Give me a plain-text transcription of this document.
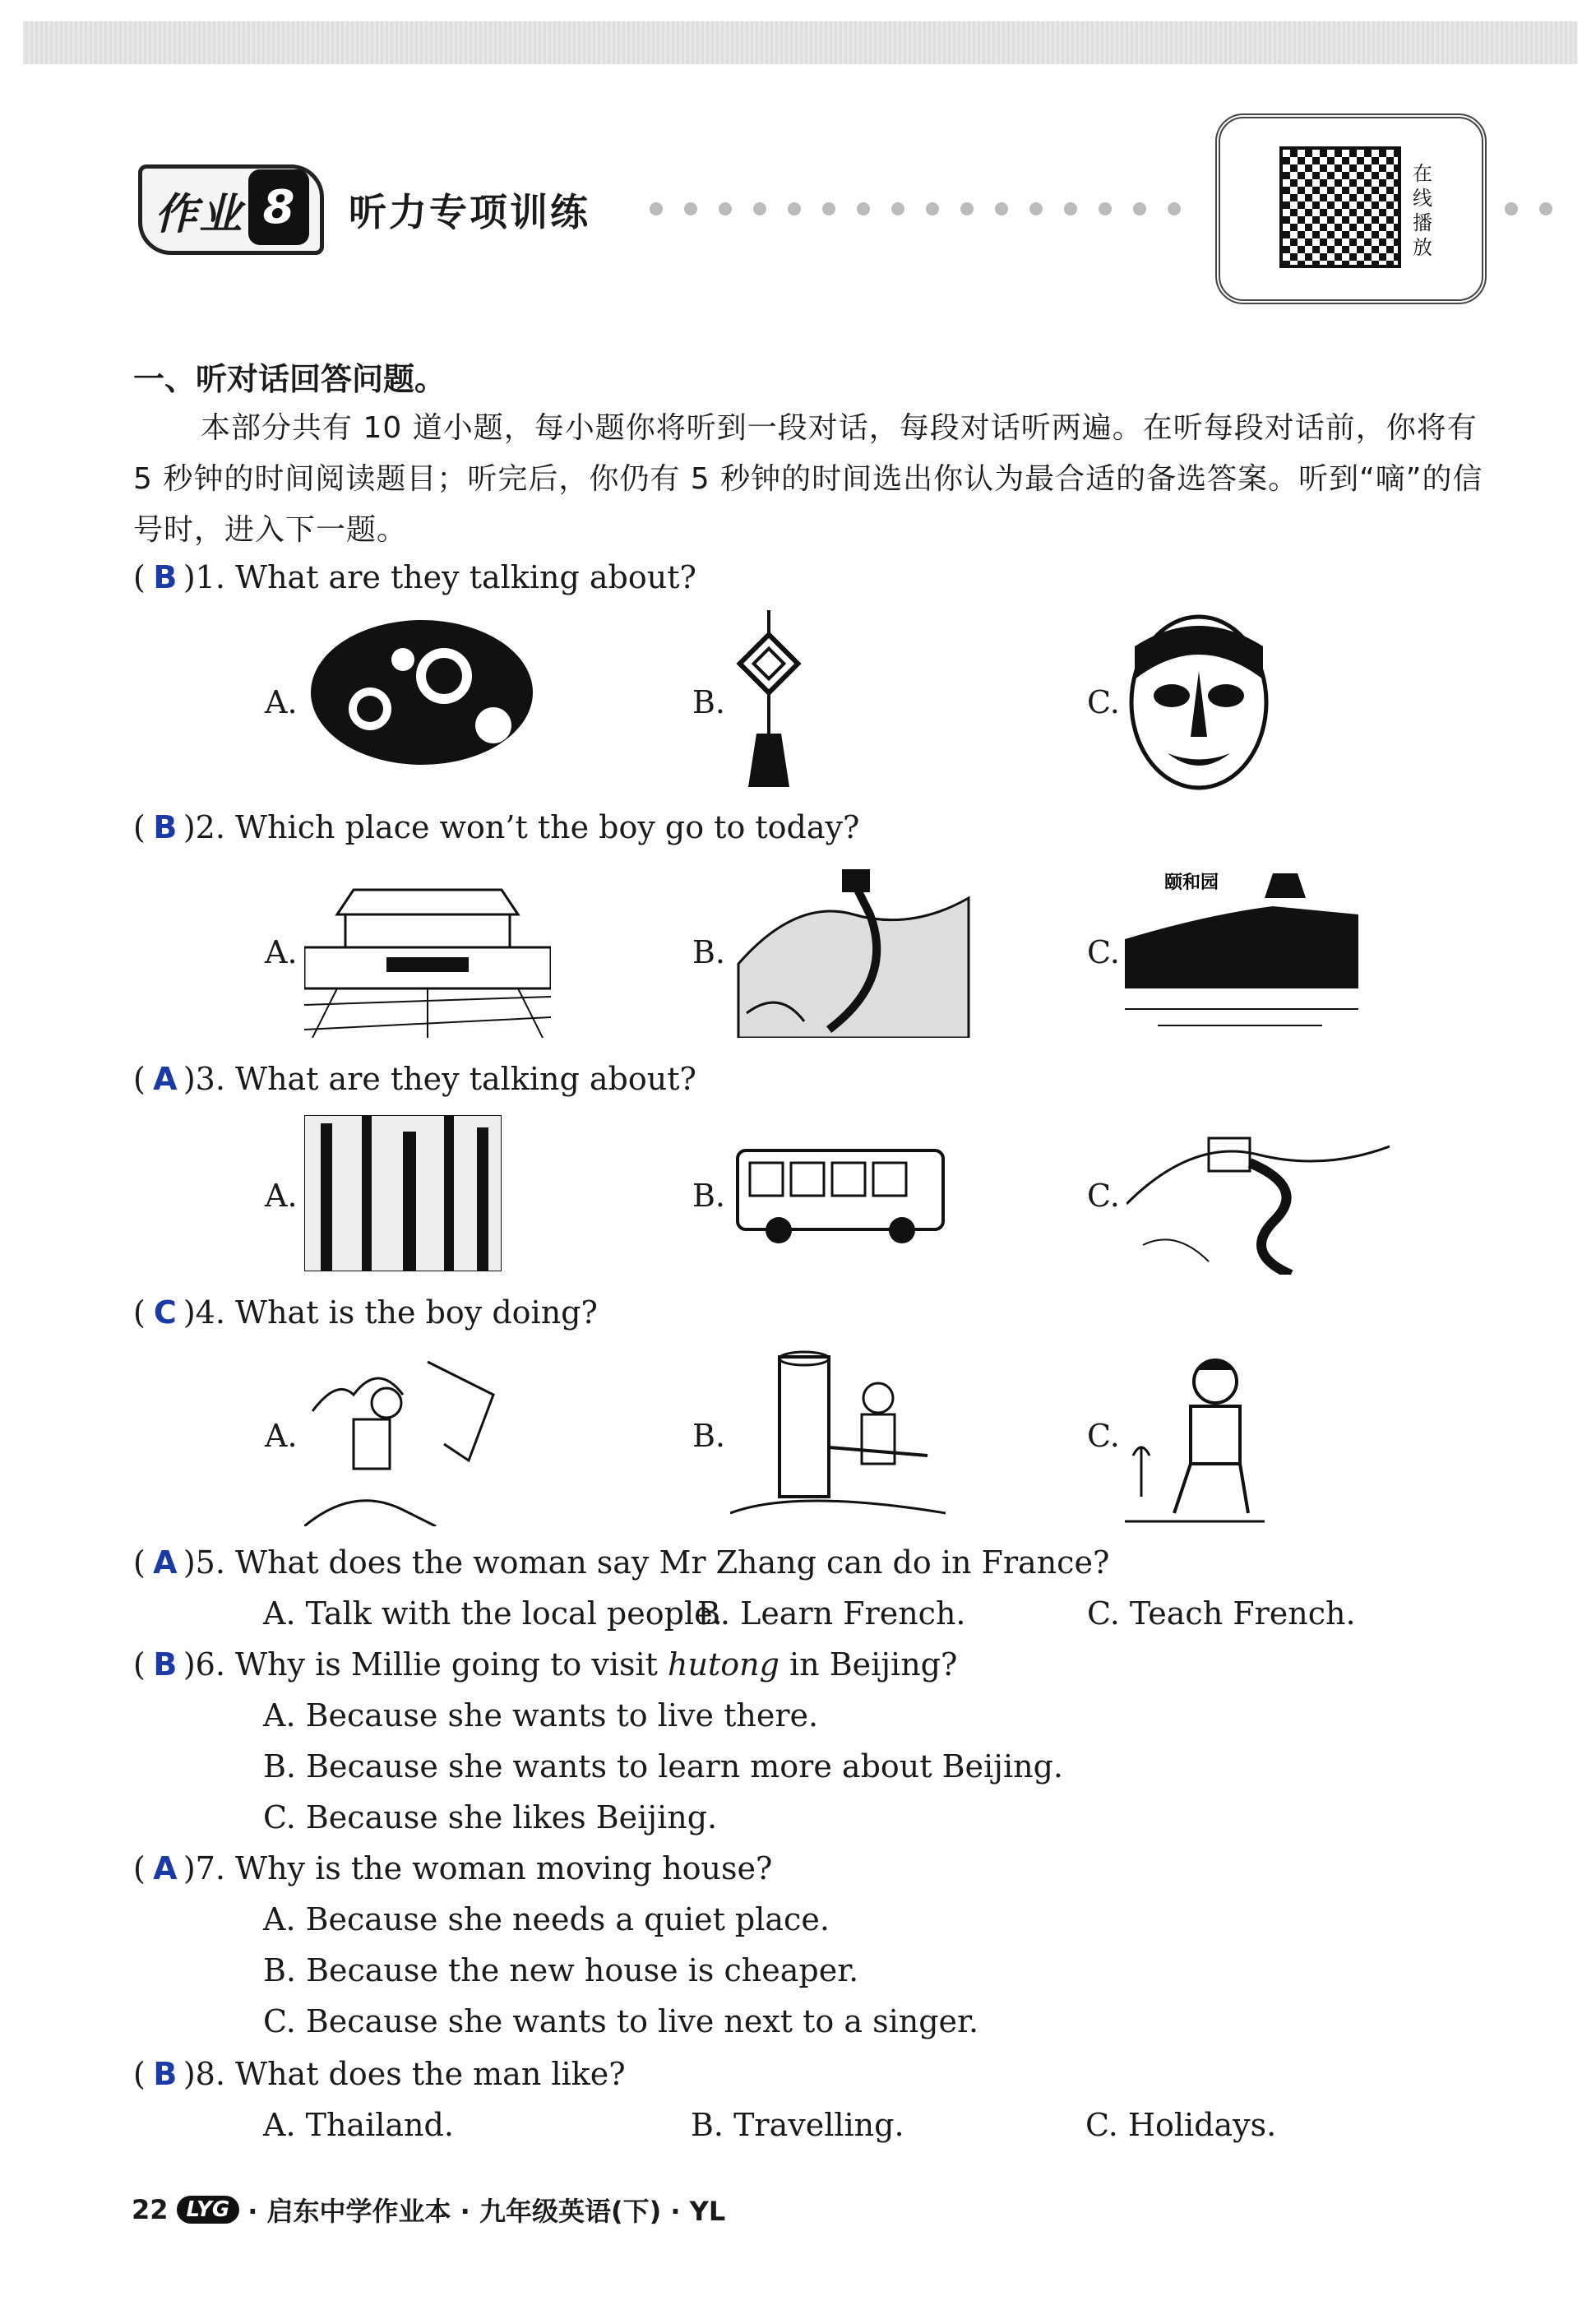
作业 8	听力专项训练
在线播放
一、听对话回答问题。
本部分共有 10 道小题，每小题你将听到一段对话，每段对话听两遍。在听每段对话前，你将有 5 秒钟的时间阅读题目；听完后，你仍有 5 秒钟的时间选出你认为最合适的备选答案。听到“嘀”的信号时，进入下一题。
( B )1. What are they talking about?
A.	B.	C.
( B )2. Which place won’t the boy go to today?
A.	B.	C.
颐和园
( A )3. What are they talking about?
A.	B.	C.
( C )4. What is the boy doing?
A.	B.	C.
( A )5. What does the woman say Mr Zhang can do in France?
A. Talk with the local people.
B. Learn French.	C. Teach French.
( B )6. Why is Millie going to visit hutong in Beijing?
A. Because she wants to live there.
B. Because she wants to learn more about Beijing.
C. Because she likes Beijing.
( A )7. Why is the woman moving house?
A. Because she needs a quiet place.
B. Because the new house is cheaper.
C. Because she wants to live next to a singer.
( B )8. What does the man like?
A. Thailand.	B. Travelling.	C. Holidays.
22 LYG · 启东中学作业本 · 九年级英语(下) · YL
